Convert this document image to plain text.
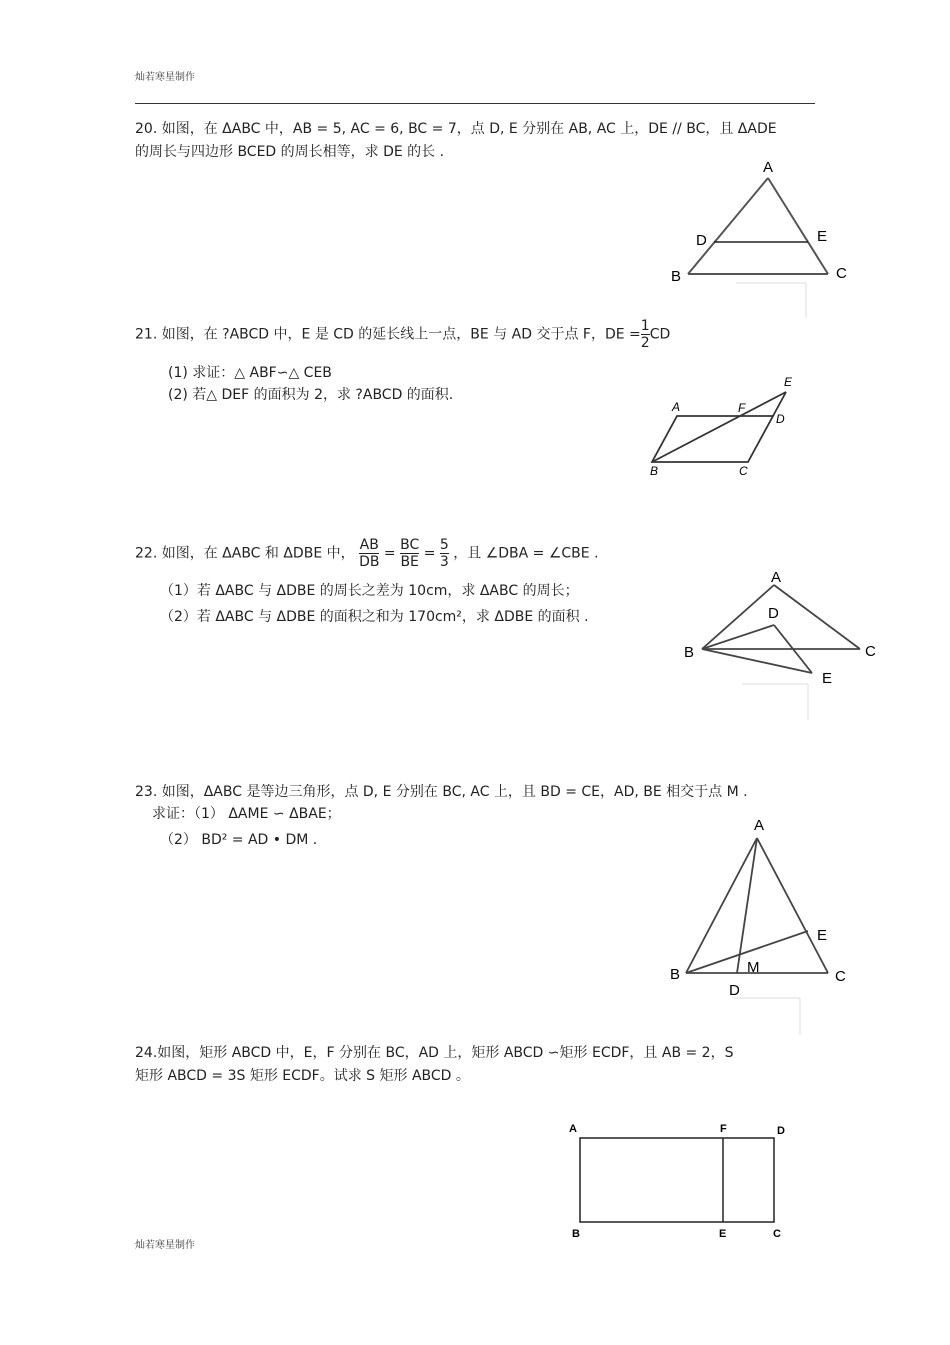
灿若寒星制作
20. 如图，在 ΔABC 中，AB = 5, AC = 6, BC = 7，点 D, E 分别在 AB, AC 上，DE // BC，且 ΔADE
的周长与四边形 BCED 的周长相等，求 DE 的长 .
A
D	E
B	C
21. 如图，在 ?ABCD 中，E 是 CD 的延长线上一点，BE 与 AD 交于点 F，DE = $\frac{1}{2}$ CD
(1) 求证：△ ABF∽△ CEB
(2) 若△ DEF 的面积为 2，求 ?ABCD 的面积.
A	F
D
E
B	C
22. 如图，在 ΔABC 和 ΔDBE 中， $\frac{AB}{DB} = \frac{BC}{BE} = \frac{5}{3}$ ，且 ∠DBA = ∠CBE .
（1）若 ΔABC 与 ΔDBE 的周长之差为 10cm，求 ΔABC 的周长；
（2）若 ΔABC 与 ΔDBE 的面积之和为 170cm²，求 ΔDBE 的面积 .
A
D
B	C
E
23. 如图，ΔABC 是等边三角形，点 D, E 分别在 BC, AC 上，且 BD = CE，AD, BE 相交于点 M .
求证：（1） ΔAME ∽ ΔBAE；
（2） BD² = AD • DM .
A
E
B	M
C
D
24.如图，矩形 ABCD 中，E，F 分别在 BC，AD 上，矩形 ABCD ∽矩形 ECDF，且 AB = 2，S
矩形 ABCD = 3S 矩形 ECDF。试求 S 矩形 ABCD 。
A	F	D
B	E	C
灿若寒星制作
